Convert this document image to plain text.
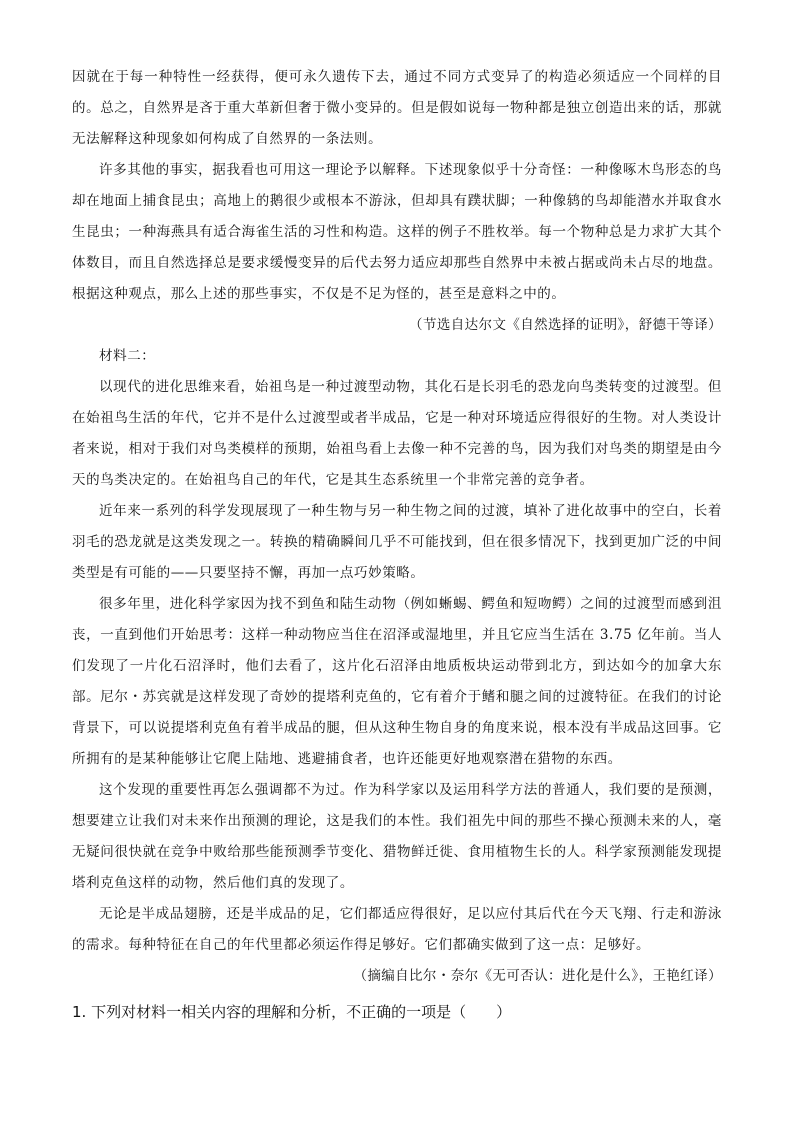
因就在于每一种特性一经获得，便可永久遗传下去，通过不同方式变异了的构造必须适应一个同样的目的。总之，自然界是吝于重大革新但奢于微小变异的。但是假如说每一物种都是独立创造出来的话，那就无法解释这种现象如何构成了自然界的一条法则。

许多其他的事实，据我看也可用这一理论予以解释。下述现象似乎十分奇怪：一种像啄木鸟形态的鸟却在地面上捕食昆虫；高地上的鹅很少或根本不游泳，但却具有蹼状脚；一种像鸫的鸟却能潜水并取食水生昆虫；一种海燕具有适合海雀生活的习性和构造。这样的例子不胜枚举。每一个物种总是力求扩大其个体数目，而且自然选择总是要求缓慢变异的后代去努力适应却那些自然界中未被占据或尚未占尽的地盘。根据这种观点，那么上述的那些事实，不仅是不足为怪的，甚至是意料之中的。

（节选自达尔文《自然选择的证明》，舒德干等译）

材料二：

以现代的进化思维来看，始祖鸟是一种过渡型动物，其化石是长羽毛的恐龙向鸟类转变的过渡型。但在始祖鸟生活的年代，它并不是什么过渡型或者半成品，它是一种对环境适应得很好的生物。对人类设计者来说，相对于我们对鸟类模样的预期，始祖鸟看上去像一种不完善的鸟，因为我们对鸟类的期望是由今天的鸟类决定的。在始祖鸟自己的年代，它是其生态系统里一个非常完善的竞争者。

近年来一系列的科学发现展现了一种生物与另一种生物之间的过渡，填补了进化故事中的空白，长着羽毛的恐龙就是这类发现之一。转换的精确瞬间几乎不可能找到，但在很多情况下，找到更加广泛的中间类型是有可能的——只要坚持不懈，再加一点巧妙策略。

很多年里，进化科学家因为找不到鱼和陆生动物（例如蜥蜴、鳄鱼和短吻鳄）之间的过渡型而感到沮丧，一直到他们开始思考：这样一种动物应当住在沼泽或湿地里，并且它应当生活在 3.75 亿年前。当人们发现了一片化石沼泽时，他们去看了，这片化石沼泽由地质板块运动带到北方，到达如今的加拿大东部。尼尔・苏宾就是这样发现了奇妙的提塔利克鱼的，它有着介于鳍和腿之间的过渡特征。在我们的讨论背景下，可以说提塔利克鱼有着半成品的腿，但从这种生物自身的角度来说，根本没有半成品这回事。它所拥有的是某种能够让它爬上陆地、逃避捕食者，也许还能更好地观察潜在猎物的东西。

这个发现的重要性再怎么强调都不为过。作为科学家以及运用科学方法的普通人，我们要的是预测，想要建立让我们对未来作出预测的理论，这是我们的本性。我们祖先中间的那些不操心预测未来的人，毫无疑问很快就在竞争中败给那些能预测季节变化、猎物鲜迁徙、食用植物生长的人。科学家预测能发现提塔利克鱼这样的动物，然后他们真的发现了。

无论是半成品翅膀，还是半成品的足，它们都适应得很好，足以应付其后代在今天飞翔、行走和游泳的需求。每种特征在自己的年代里都必须运作得足够好。它们都确实做到了这一点：足够好。

（摘编自比尔・奈尔《无可否认：进化是什么》，王艳红译）

1. 下列对材料一相关内容的理解和分析，不正确的一项是（　　）
